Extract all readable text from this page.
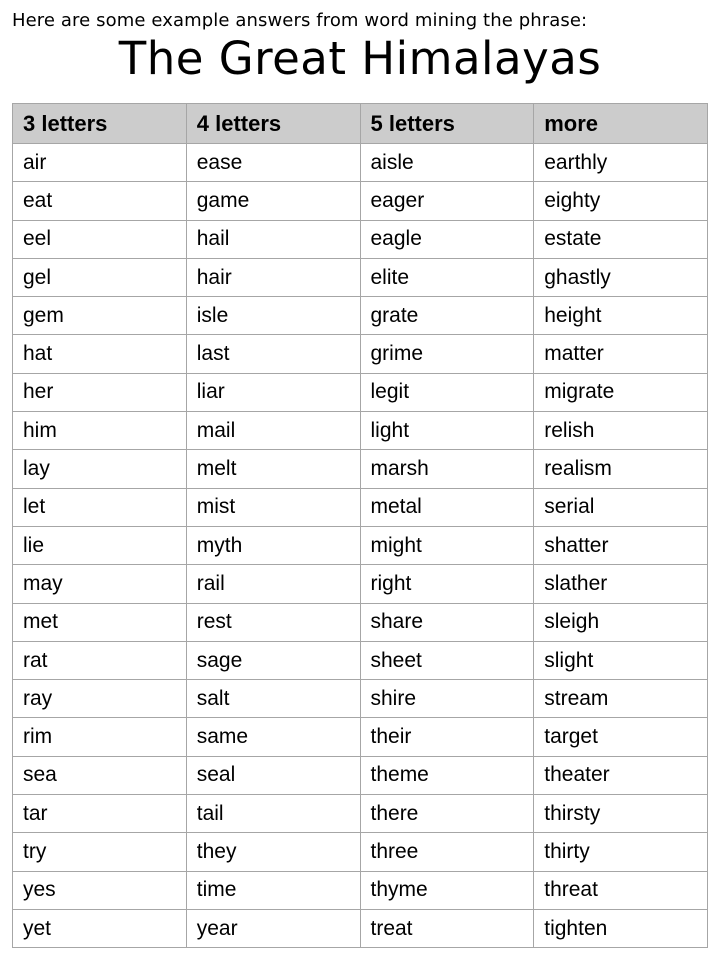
Here are some example answers from word mining the phrase:
The Great Himalayas
3 letters	4 letters	5 letters	more
air	ease	aisle	earthly
eat	game	eager	eighty
eel	hail	eagle	estate
gel	hair	elite	ghastly
gem	isle	grate	height
hat	last	grime	matter
her	liar	legit	migrate
him	mail	light	relish
lay	melt	marsh	realism
let	mist	metal	serial
lie	myth	might	shatter
may	rail	right	slather
met	rest	share	sleigh
rat	sage	sheet	slight
ray	salt	shire	stream
rim	same	their	target
sea	seal	theme	theater
tar	tail	there	thirsty
try	they	three	thirty
yes	time	thyme	threat
yet	year	treat	tighten
